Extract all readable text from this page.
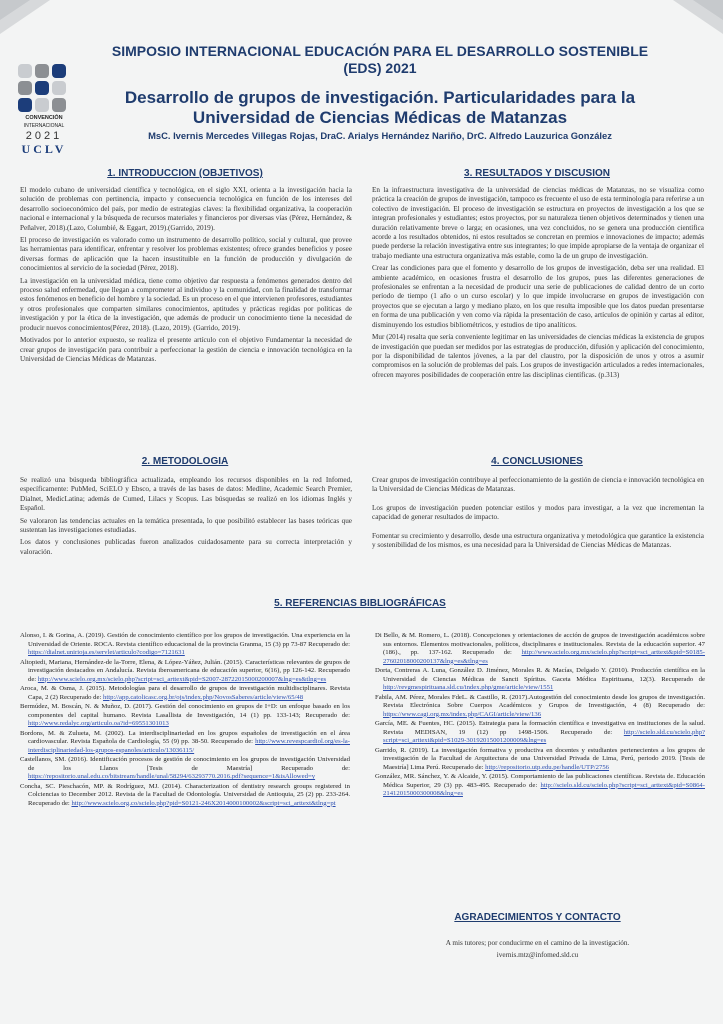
CONVENCIÓN
INTERNACIONAL
2021
UCLV
SIMPOSIO INTERNACIONAL EDUCACIÓN PARA EL DESARROLLO SOSTENIBLE (EDS) 2021
Desarrollo de grupos de investigación. Particularidades para la Universidad de Ciencias Médicas de Matanzas
MsC. Ivernis Mercedes Villegas Rojas, DraC. Arialys Hernández Nariño, DrC. Alfredo Lauzurica González
1. INTRODUCCION (OBJETIVOS)

El modelo cubano de universidad científica y tecnológica, en el siglo XXI, orienta a la investigación hacia la solución de problemas con pertinencia, impacto y consecuencia tecnológica en función de los intereses del desarrollo socioeconómico del país, por medio de estrategias claves: la flexibilidad organizativa, la cooperación nacional e internacional y la búsqueda de recursos materiales y financieros por diversas vías (Pérez, Hernández, & Peñalver, 2018).(Lazo, Columbié, & Eggart, 2019).(Garrido, 2019).

El proceso de investigación es valorado como un instrumento de desarrollo político, social y cultural, que provee las herramientas para identificar, enfrentar y resolver los problemas existentes; ofrece grandes beneficios y posee diversas formas de aplicación que la hacen insustituible en la función de producción y divulgación de conocimientos al servicio de la sociedad (Pérez, 2018).

La investigación en la universidad médica, tiene como objetivo dar respuesta a fenómenos generados dentro del proceso salud enfermedad, que llegan a comprometer al individuo y la comunidad, con la finalidad de transformar estos fenómenos en beneficio del hombre y la sociedad. Es un proceso en el que intervienen profesores, estudiantes y otros profesionales que comparten similares conocimientos, aptitudes y prácticas regidas por políticas de investigación y por la ética de la investigación, que además de producir un conocimiento tiene la necesidad de producir nuevos conocimientos(Pérez, 2018). (Lazo, 2019). (Garrido, 2019).

Motivados por lo anterior expuesto, se realiza el presente artículo con el objetivo Fundamentar la necesidad de crear grupos de investigación para contribuir a perfeccionar la gestión de ciencia e innovación tecnológica en la Universidad de Ciencias Médicas de Matanzas.

3. RESULTADOS Y DISCUSION

En la infraestructura investigativa de la universidad de ciencias médicas de Matanzas, no se visualiza como práctica la creación de grupos de investigación, tampoco es frecuente el uso de esta terminología para referirse a un colectivo de investigación. El proceso de investigación se estructura en proyectos de investigación a los que se integran profesionales y estudiantes; estos proyectos, por su naturaleza tienen objetivos determinados y tienen una duración relativamente breve o larga; en ocasiones, una vez concluidos, no se genera una producción científica acorde a los resultados obtenidos, ni estos resultados se concretan en premios e innovaciones de impacto; además puede perderse la relación investigativa entre sus integrantes; lo que impide apropiarse de la ventaja de organizar el trabajo mediante una estructura organizativa más estable, como la de un grupo de investigación.

Crear las condiciones para que el fomento y desarrollo de los grupos de investigación, deba ser una realidad. El ambiente académico, en ocasiones frustra el desarrollo de los grupos, pues las diferentes generaciones de profesionales se enfrentan a la necesidad de producir una serie de publicaciones de calidad dentro de un corto período de tiempo (1 año o un curso escolar) y lo que impide involucrarse en grupos de investigación con proyectos que se ejecutan a largo y mediano plazo, en los que resulta imposible que los datos puedan presentarse en forma de una publicación y ven como vía rápida la presentación de caso, artículos de opinión y cartas al editor, disminuyendo los estudios bibliométricos, y estudios de tipo analíticos.

Mur (2014) resalta que sería conveniente legitimar en las universidades de ciencias médicas la existencia de grupos de investigación que puedan ser medidos por las estrategias de producción, difusión y aplicación del conocimiento, por la disponibilidad de talentos jóvenes, a la par del claustro, por la disposición de unos y otros a asumir compromisos en la solución de problemas del país. Los grupos de investigación articulados a redes internacionales, ofrecen mayores posibilidades de cooperación entre las disciplinas científicas. (p.313)

2. METODOLOGIA

Se realizó una búsqueda bibliográfica actualizada, empleando los recursos disponibles en la red Infomed, específicamente: PubMed, SciELO y Ebsco, a través de las bases de datos: Medline, Academic Search Premier, Dialnet, MedicLatina; además de Cumed, Lilacs y Scopus. Las búsquedas se realizó en los idiomas Inglés y Español.

Se valoraron las tendencias actuales en la temática presentada, lo que posibilitó establecer las bases teóricas que sustentan las investigaciones estudiadas.

Los datos y conclusiones publicadas fueron analizados cuidadosamente para su correcta interpretación y valoración.

4. CONCLUSIONES

Crear grupos de investigación contribuye al perfeccionamiento de la gestión de ciencia e innovación tecnológica en la Universidad de Ciencias Médicas de Matanzas.

Los grupos de investigación pueden potenciar estilos y modos para investigar, a la vez que incrementan la capacidad de generar resultados de impacto.

Fomentar su crecimiento y desarrollo, desde una estructura organizativa y metodológica que garantice la existencia y sostenibilidad de los mismos, es una necesidad para la Universidad de Ciencias Médicas de Matanzas.

5. REFERENCIAS BIBLIOGRÁFICAS

Alonso, I. & Gorina, A. (2019). Gestión de conocimiento científico por los grupos de investigación. Una experiencia en la Universidad de Oriente. ROCA. Revista científico educacional de la provincia Granma, 15 (3) pp 73-87 Recuperado de: https://dialnet.unirioja.es/servlet/articulo?codigo=7121631

Altopiedi, Mariana, Hernández-de la-Torre, Elena, & López-Yáñez, Julián. (2015). Características relevantes de grupos de investigación destacados en Andalucía. Revista iberoamericana de educación superior, 6(16), pp 126-142. Recuperado de: http://www.scielo.org.mx/scielo.php?script=sci_arttext&pid=S2007-28722015000200007&lng=es&tlng=es

Aroca, M. & Osma, J. (2015). Metodologías para el desarrollo de grupos de investigación multidisciplinares. Revista Capa, 2 (2) Recuperado de: http://app.catolicasc.org.br/ojs/index.php/NovosSaberes/article/view/65/48

Bermúdez, M. Boscán, N. & Muñoz, D. (2017). Gestión del conocimiento en grupos de I+D: un enfoque basado en los componentes del capital humano. Revista Lasallista de Investigación, 14 (1) pp. 133-143; Recuperado de: http://www.redalyc.org/articulo.oa?id=69551301013

Bordons, M. & Zulueta, M. (2002). La interdisciplinariedad en los grupos españoles de investigación en el área cardiovascular. Revista Española de Cardiología, 55 (9) pp. 38-50. Recuperado de: http://www.revespcardiol.org/es-la-interdisciplinariedad-los-grupos-espanoles/articulo/13036115/

Castellanos, SM. (2016). Identificación procesos de gestión de conocimiento en los grupos de investigación Universidad de los Llanos [Tesis de Maestría] Recuperado de: https://repositorio.unal.edu.co/bitstream/handle/unal/58294/63293770.2016.pdf?sequence=1&isAllowed=y

Concha, SC. Pieschacón, MP. & Rodríguez, MJ. (2014). Characterization of dentistry research groups registered in Colciencias to December 2012. Revista de la Facultad de Odontología. Universidad de Antioquia, 25 (2) pp. 233-264. Recuperado de: http://www.scielo.org.co/scielo.php?pid=S0121-246X2014000100002&script=sci_arttext&tlng=pt

Di Bello, & M. Romero, L. (2018). Concepciones y orientaciones de acción de grupos de investigación académicos sobre sus entornos. Elementos motivacionales, políticos, disciplinares e institucionales. Revista de la educación superior. 47 (186)., pp. 137-162. Recuperado de: http://www.scielo.org.mx/scielo.php?script=sci_arttext&pid=S0185-27602018000200137&lng=es&tlng=es

Dorta, Contreras A. Luna, González D. Jiménez, Morales R. & Macías, Delgado Y. (2010). Producción científica en la Universidad de Ciencias Médicas de Sancti Spíritus. Gaceta Médica Espirituana, 12(3). Recuperado de http://revgmespirituana.sld.cu/index.php/gme/article/view/1551

Fabila, AM. Pérez, Morales FdeL. & Castillo, R. (2017).Autogestión del conocimiento desde los grupos de investigación. Revista Electrónica Sobre Cuerpos Académicos y Grupos de Investigación, 4 (8) Recuperado de: https://www.cagi.org.mx/index.php/CAGI/article/view/136

García, ME. & Fuentes, HC. (2015). Estrategia para la formación científica e investigativa en instituciones de la salud. Revista MEDISAN, 19 (12) pp 1498-1506. Recuperado de: http://scielo.sld.cu/scielo.php?script=sci_arttext&pid=S1029-30192015001200009&lng=es

Garrido, R. (2019). La investigación formativa y productiva en docentes y estudiantes pertenecientes a los grupos de investigación de la Facultad de Arquitectura de una Universidad Privada de Lima, Perú, periodo 2019. [Tesis de Maestría] Lima Perú. Recuperado de: http://repositorio.utp.edu.pe/handle/UTP/2756

González, MR. Sánchez, Y. & Alcaide, Y. (2015). Comportamiento de las publicaciones científicas. Revista de. Educación Médica Superior, 29 (3) pp. 483-495. Recuperado de: http://scielo.sld.cu/scielo.php?script=sci_arttext&pid=S0864-21412015000300008&lng=es

AGRADECIMIENTOS Y CONTACTO
A mis tutores; por conducirme en el camino de la investigación.
ivernis.mtz@infomed.sld.cu
